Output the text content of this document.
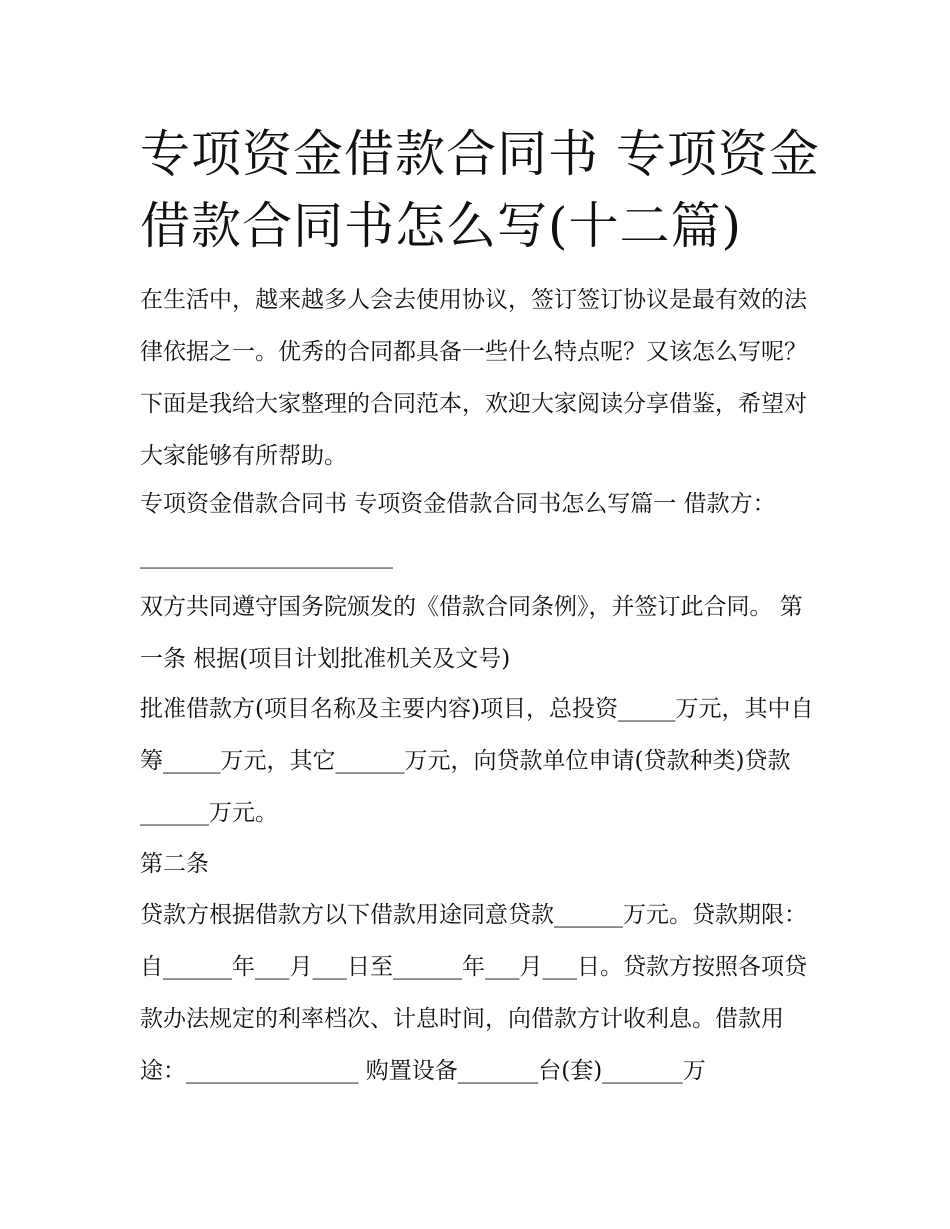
专项资金借款合同书 专项资金借款合同书怎么写(十二篇)

在生活中，越来越多人会去使用协议，签订签订协议是最有效的法律依据之一。优秀的合同都具备一些什么特点呢？又该怎么写呢？下面是我给大家整理的合同范本，欢迎大家阅读分享借鉴，希望对大家能够有所帮助。

专项资金借款合同书 专项资金借款合同书怎么写篇一 借款方：______________________

双方共同遵守国务院颁发的《借款合同条例》，并签订此合同。 第一条 根据(项目计划批准机关及文号)

批准借款方(项目名称及主要内容)项目，总投资_____万元，其中自筹_____万元，其它______万元，向贷款单位申请(贷款种类)贷款______万元。

第二条

贷款方根据借款方以下借款用途同意贷款______万元。贷款期限：自______年___月___日至______年___月___日。贷款方按照各项贷款办法规定的利率档次、计息时间，向借款方计收利息。借款用途：_______________ 购置设备_______台(套)_______万
